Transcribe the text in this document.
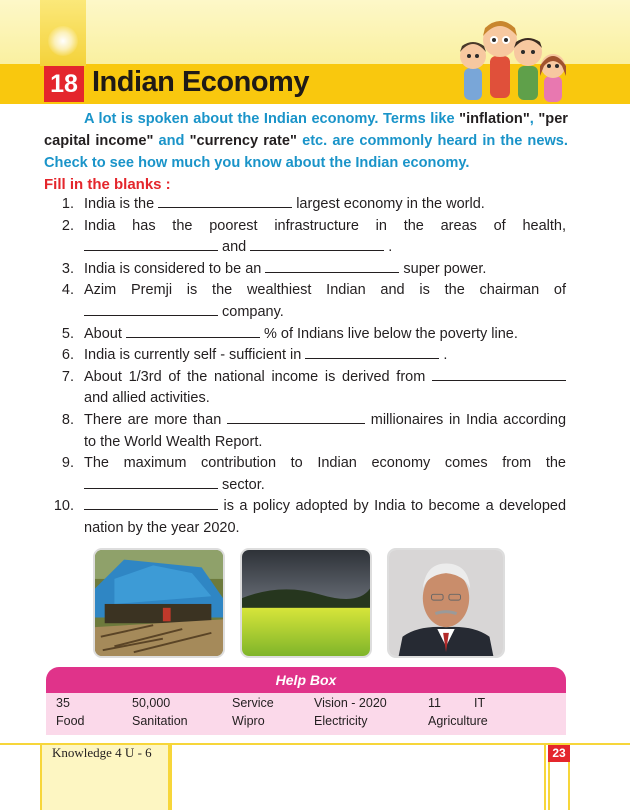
18 Indian Economy

A lot is spoken about the Indian economy. Terms like "inflation", "per capital income" and "currency rate" etc. are commonly heard in the news. Check to see how much you know about the Indian economy.

Fill in the blanks :
1. India is the	largest economy in the world.
2. India has the poorest infrastructure in the areas of health,  and	.
3. India is considered to be an	super power.
4. Azim Premji is the wealthiest Indian and is the chairman of  company.
5. About	% of Indians live below the poverty line.
6. India is currently self - sufficient in	.
7. About 1/3rd of the national income is derived from  and allied activities.
8. There are more than	millionaires in India according to the World Wealth Report.
9. The maximum contribution to Indian economy comes from the  sector.
10.	is a policy adopted by India to become a developed nation by the year 2020.
Help Box
35	50,000	Service	Vision - 2020	11	IT
Food	Sanitation	Wipro	Electricity	Agriculture
Knowledge 4 U - 6	23
